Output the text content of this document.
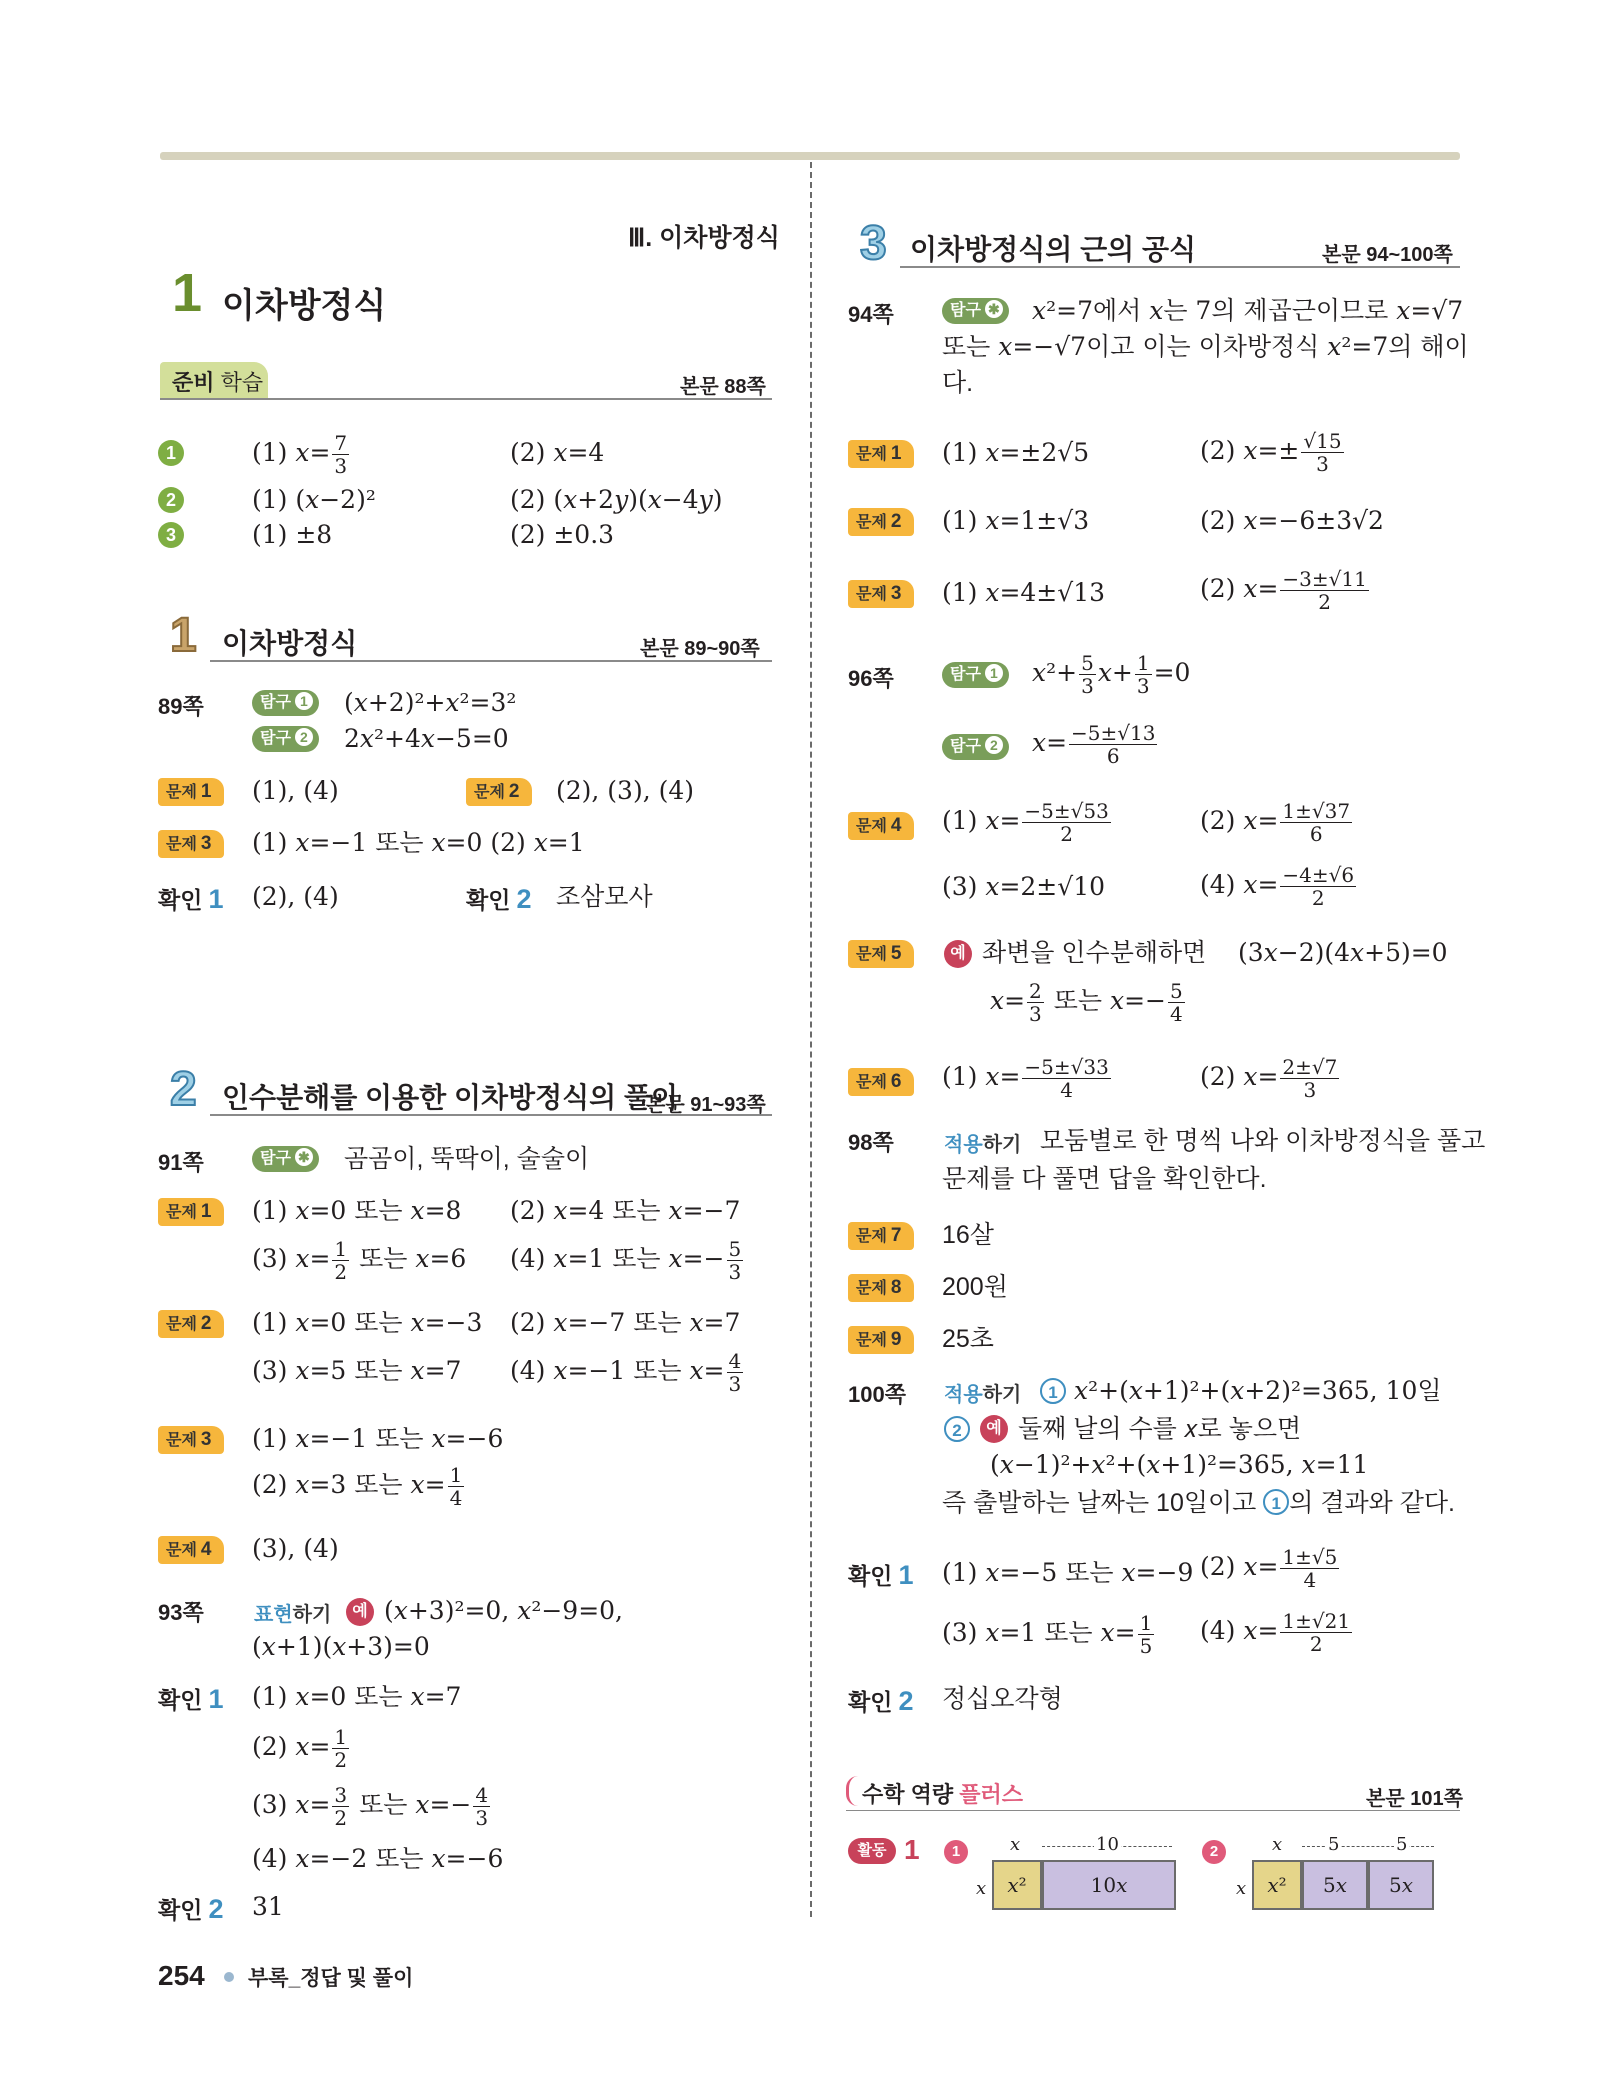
Ⅲ. 이차방정식
1 이차방정식
준비 학습	본문 88쪽
1	(1) 𝑥= $\frac{7}{3}$	(2) 𝑥=4
2	(1) (𝑥−2)²	(2) (𝑥+2𝑦)(𝑥−4𝑦)
3	(1) ±8	(2) ±0.3
1 이차방정식	본문 89~90쪽
89쪽	탐구 1	(𝑥+2)²+𝑥²=3²
탐구 2	2𝑥²+4𝑥−5=0
문제 1	(1), (4)	문제 2	(2), (3), (4)
문제 3	(1) 𝑥=−1 또는 𝑥=0 (2) 𝑥=1
확인 1 (2), (4)	확인 2 조삼모사
2 인수분해를 이용한 이차방정식의 풀이
본문 91~93쪽
91쪽	탐구 ✱	곰곰이, 뚝딱이, 술술이
문제 1	(1) 𝑥=0 또는 𝑥=8 (2) 𝑥=4 또는 𝑥=−7
(3) 𝑥= $\frac{1}{2}$ 또는 𝑥=6 (4) 𝑥=1 또는 𝑥=− $\frac{5}{3}$
문제 2	(1) 𝑥=0 또는 𝑥=−3 (2) 𝑥=−7 또는 𝑥=7
(3) 𝑥=5 또는 𝑥=7 (4) 𝑥=−1 또는 𝑥= $\frac{4}{3}$
문제 3	(1) 𝑥=−1 또는 𝑥=−6
(2) 𝑥=3 또는 𝑥= $\frac{1}{4}$
문제 4	(3), (4)
93쪽	표현하기	예 (𝑥+3)²=0, 𝑥²−9=0,
(𝑥+1)(𝑥+3)=0
확인 1 (1) 𝑥=0 또는 𝑥=7
(2) 𝑥= $\frac{1}{2}$
(3) 𝑥= $\frac{3}{2}$ 또는 𝑥=− $\frac{4}{3}$
(4) 𝑥=−2 또는 𝑥=−6
확인 2 31
254 부록_정답 및 풀이
3 이차방정식의 근의 공식	본문 94~100쪽
94쪽	탐구 ✱	𝑥²=7에서 𝑥는 7의 제곱근이므로 𝑥=√7
또는 𝑥=−√7이고 이는 이차방정식 𝑥²=7의 해이
다.
문제 1	(1) 𝑥=±2√5	(2) 𝑥=± $\frac{√15}{3}$
문제 2	(1) 𝑥=1±√3	(2) 𝑥=−6±3√2
문제 3	(1) 𝑥=4±√13	(2) 𝑥= $\frac{-3\pm√11}{2}$
96쪽	탐구 1	𝑥²+ $\frac{5}{3}$ 𝑥+ $\frac{1}{3} =0$
탐구 2	𝑥= $\frac{-5\pm√13}{6}$
문제 4	(1) 𝑥= $\frac{-5\pm√53}{2}$	(2) 𝑥= $\frac{1\pm√37}{6}$
(3) 𝑥=2±√10	(4) 𝑥= $\frac{-4\pm√6}{2}$
문제 5	예 좌변을 인수분해하면 (3𝑥−2)(4𝑥+5)=0
𝑥= $\frac{2}{3}$ 또는 𝑥=− $\frac{5}{4}$
문제 6	(1) 𝑥= $\frac{-5\pm√33}{4}$	(2) 𝑥= $\frac{2\pm√7}{3}$
98쪽	적용하기 모둠별로 한 명씩 나와 이차방정식을 풀고
문제를 다 풀면 답을 확인한다.
문제 7	16살
문제 8	200원
문제 9	25초
100쪽 적용하기	1 𝑥²+(𝑥+1)²+(𝑥+2)²=365, 10일
2	예 둘째 날의 수를 𝑥로 놓으면
(𝑥−1)²+𝑥²+(𝑥+1)²=365, 𝑥=11
즉 출발하는 날짜는 10일이고 1 의 결과와 같다.
확인 1 (1) 𝑥=−5 또는 𝑥=−9 (2) 𝑥= $\frac{1\pm√5}{4}$
(3) 𝑥=1 또는 𝑥= $\frac{1}{5} (4)$ 𝑥= $\frac{1\pm√21}{2}$
확인 2 정십오각형
수학 역량 플러스	본문 101쪽
활동 1	1	𝑥	10
𝑥	𝑥²	10𝑥
2	𝑥	5	5
𝑥	𝑥²	5𝑥	5𝑥
